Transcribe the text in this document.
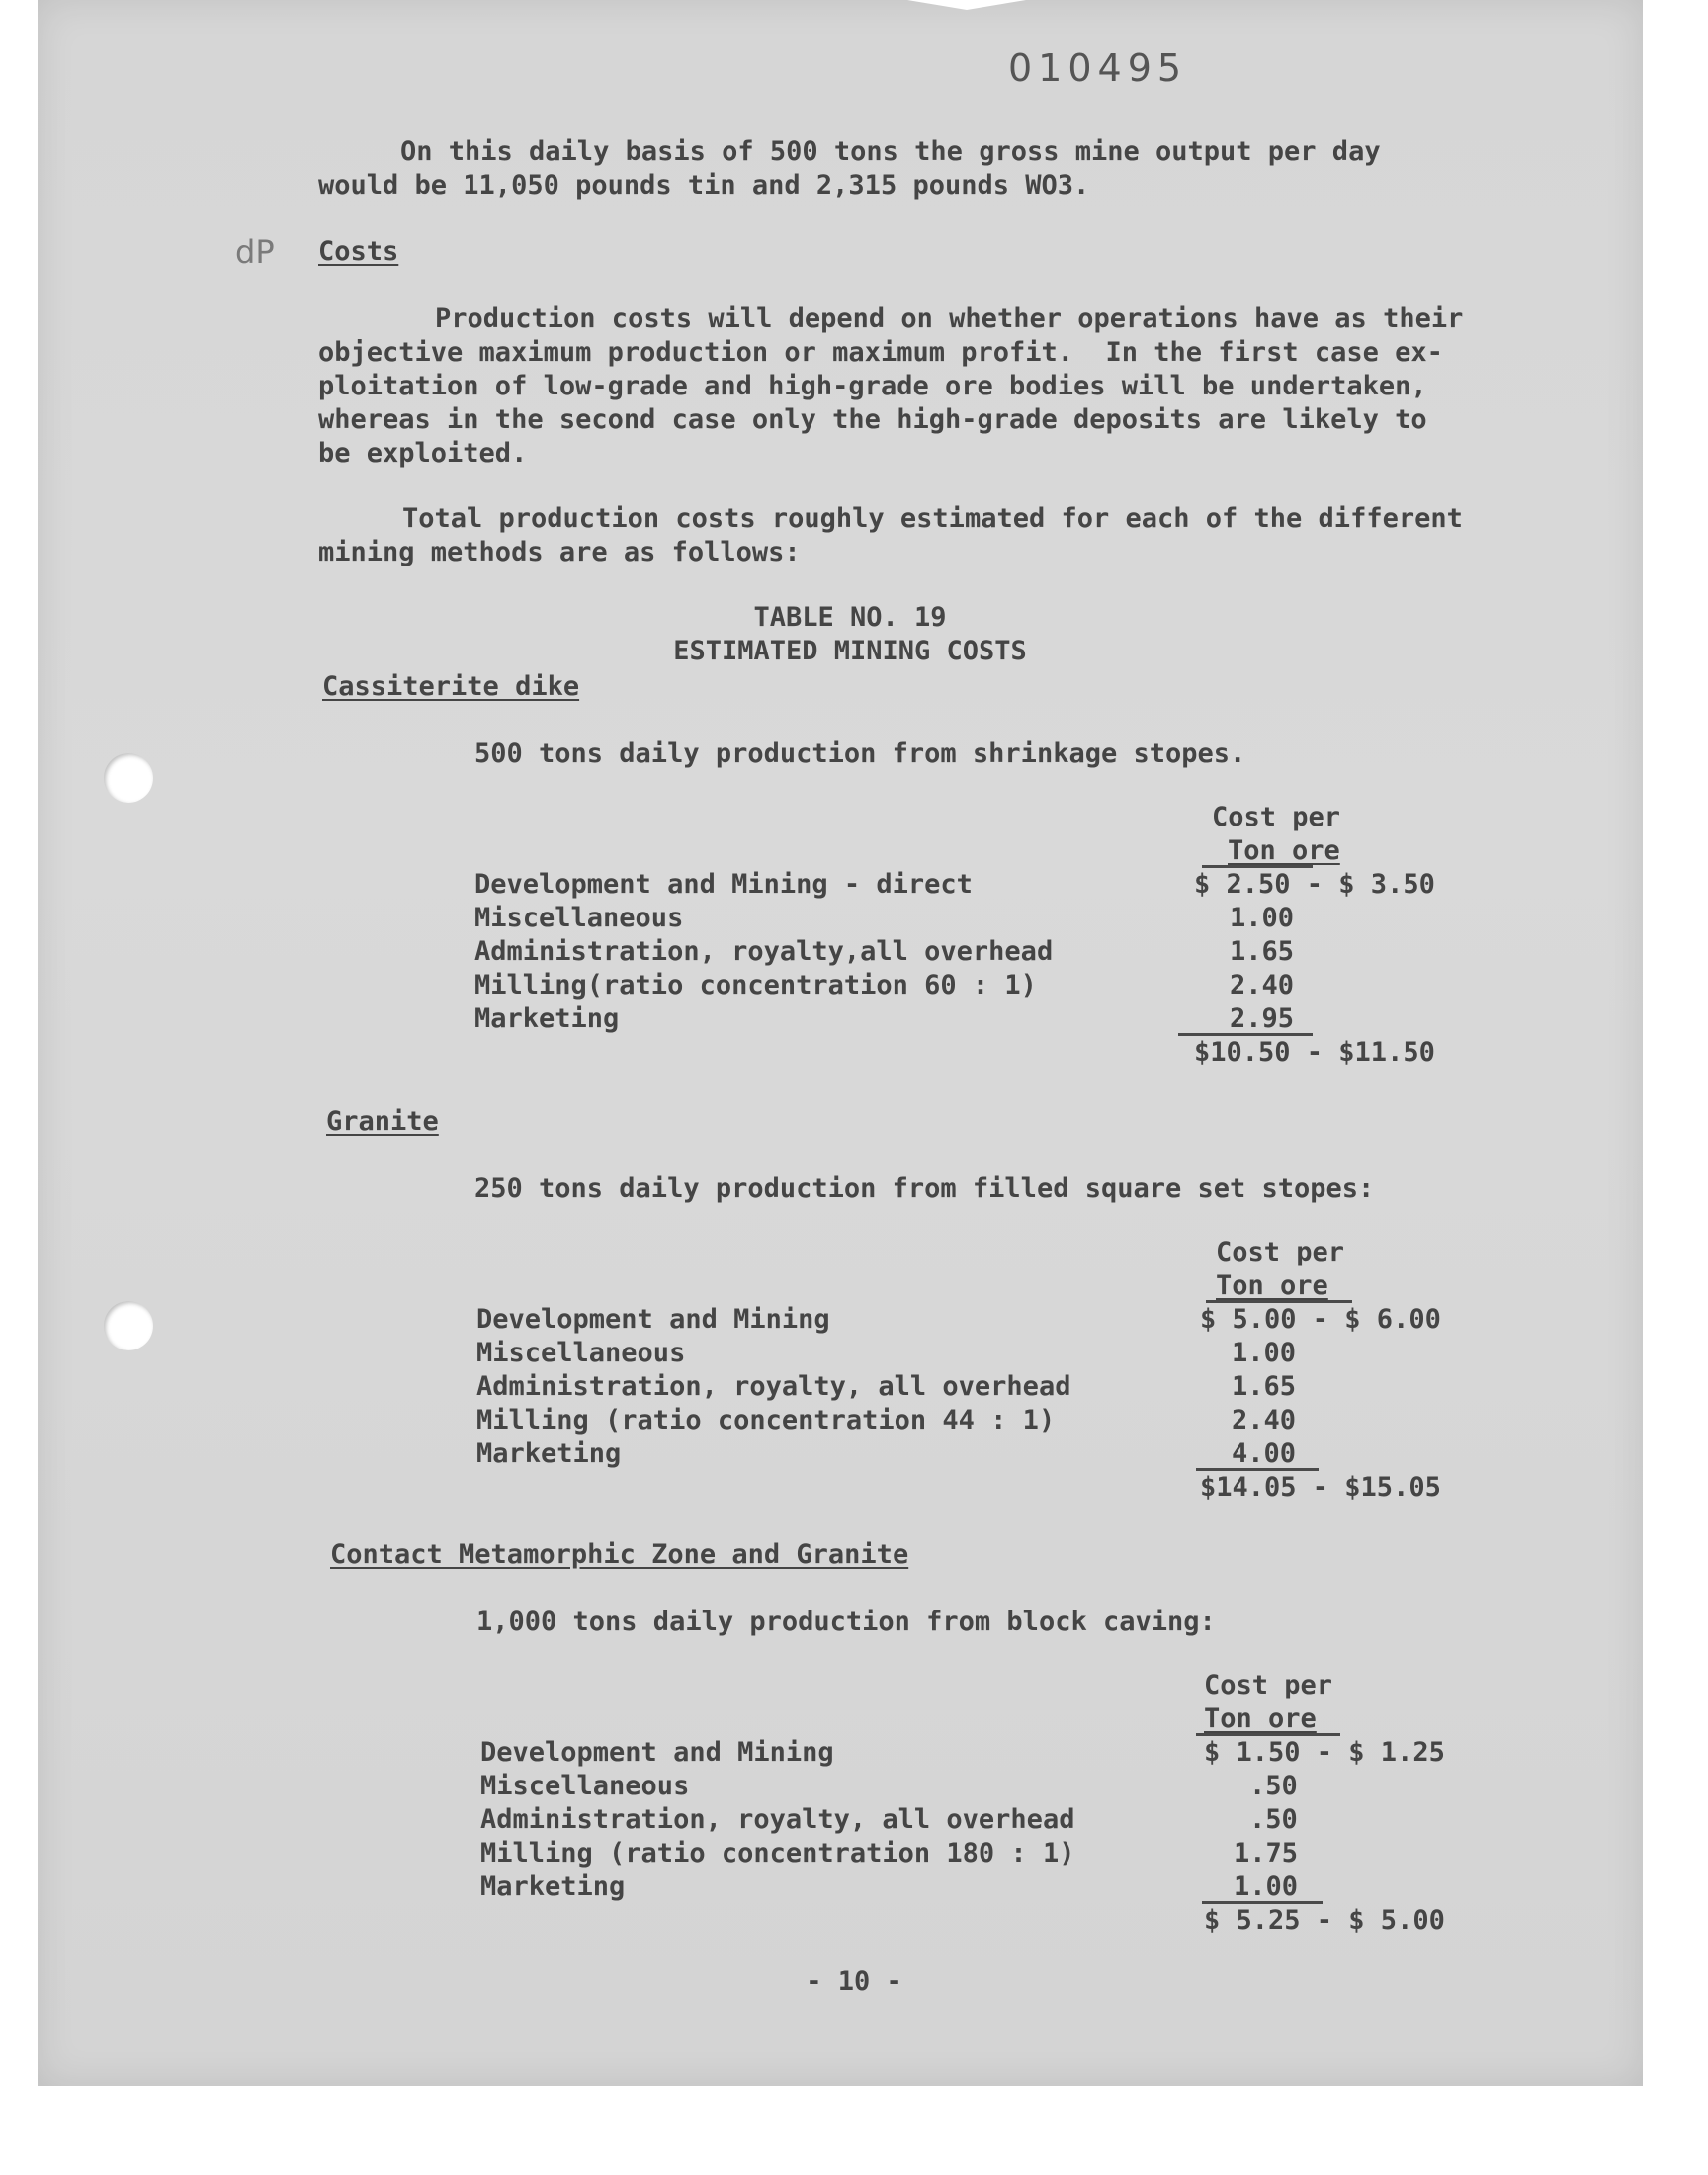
010495
On this daily basis of 500 tons the gross mine output per day
would be 11,050 pounds tin and 2,315 pounds WO3.
dP Costs
Production costs will depend on whether operations have as their
objective maximum production or maximum profit.  In the first case ex-
ploitation of low-grade and high-grade ore bodies will be undertaken,
whereas in the second case only the high-grade deposits are likely to
be exploited.
Total production costs roughly estimated for each of the different
mining methods are as follows:
TABLE NO. 19
ESTIMATED MINING COSTS
Cassiterite dike
500 tons daily production from shrinkage stopes.
Cost per
Ton ore
Development and Mining - direct	$ 2.50 - $ 3.50
Miscellaneous	1.00
Administration, royalty,all overhead	1.65
Milling(ratio concentration 60 : 1)	2.40
Marketing	2.95
$10.50 - $11.50
Granite
250 tons daily production from filled square set stopes:
Cost per
Ton ore
Development and Mining	$ 5.00 - $ 6.00
Miscellaneous	1.00
Administration, royalty, all overhead	1.65
Milling (ratio concentration 44 : 1)	2.40
Marketing	4.00
$14.05 - $15.05
Contact Metamorphic Zone and Granite
1,000 tons daily production from block caving:
Cost per
Ton ore
Development and Mining	$ 1.50 - $ 1.25
Miscellaneous	.50
Administration, royalty, all overhead	.50
Milling (ratio concentration 180 : 1)	1.75
Marketing	1.00
$ 5.25 - $ 5.00
- 10 -
